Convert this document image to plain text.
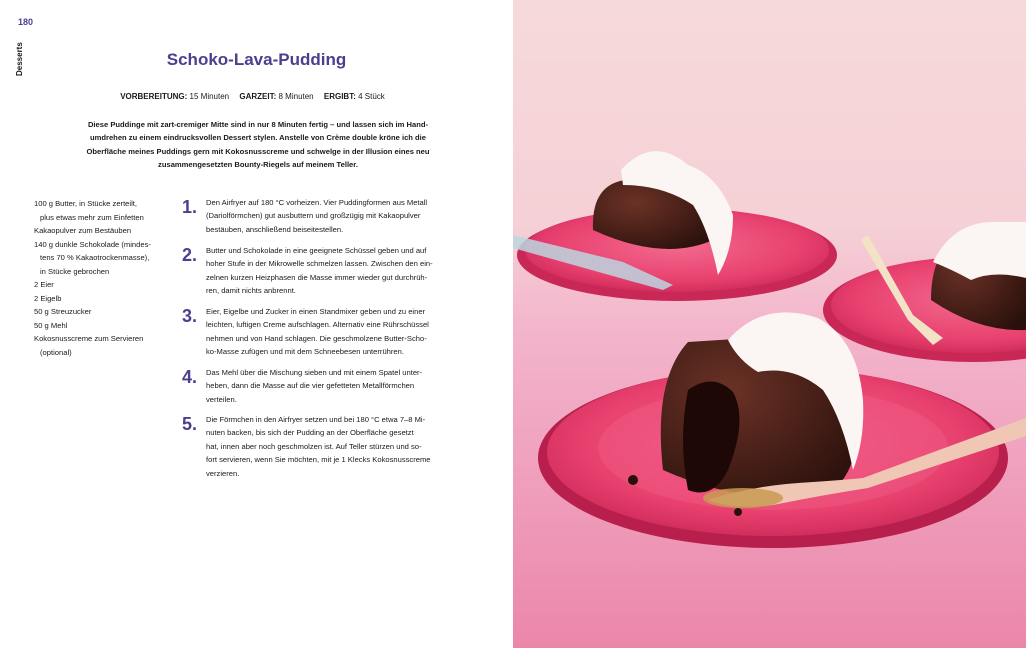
180
Desserts	Schoko-Lava-Pudding
VORBEREITUNG: 15 Minuten GARZEIT: 8 Minuten ERGIBT: 4 Stück
Diese Puddinge mit zart-cremiger Mitte sind in nur 8 Minuten fertig – und lassen sich im Hand-
umdrehen zu einem eindrucksvollen Dessert stylen. Anstelle von Crème double kröne ich die
Oberfläche meines Puddings gern mit Kokosnusscreme und schwelge in der Illusion eines neu
zusammengesetzten Bounty-Riegels auf meinem Teller.
100 g Butter, in Stücke zerteilt,
plus etwas mehr zum Einfetten
Kakaopulver zum Bestäuben
140 g dunkle Schokolade (mindes-
tens 70 % Kakaotrockenmasse),
in Stücke gebrochen
2 Eier
2 Eigelb
50 g Streuzucker
50 g Mehl
Kokosnusscreme zum Servieren
(optional)
1. Den Airfryer auf 180 °C vorheizen. Vier Puddingformen aus Metall
(Dariolförmchen) gut ausbuttern und großzügig mit Kakaopulver
bestäuben, anschließend beiseitestellen.
2. Butter und Schokolade in eine geeignete Schüssel geben und auf
hoher Stufe in der Mikrowelle schmelzen lassen. Zwischen den ein-
zelnen kurzen Heizphasen die Masse immer wieder gut durchrüh-
ren, damit nichts anbrennt.
3. Eier, Eigelbe und Zucker in einen Standmixer geben und zu einer
leichten, luftigen Creme aufschlagen. Alternativ eine Rührschüssel
nehmen und von Hand schlagen. Die geschmolzene Butter-Scho-
ko-Masse zufügen und mit dem Schneebesen unterrühren.
4. Das Mehl über die Mischung sieben und mit einem Spatel unter-
heben, dann die Masse auf die vier gefetteten Metallförmchen
verteilen.
5. Die Förmchen in den Airfryer setzen und bei 180 °C etwa 7–8 Mi-
nuten backen, bis sich der Pudding an der Oberfläche gesetzt
hat, innen aber noch geschmolzen ist. Auf Teller stürzen und so-
fort servieren, wenn Sie möchten, mit je 1 Klecks Kokosnusscreme
verzieren.
